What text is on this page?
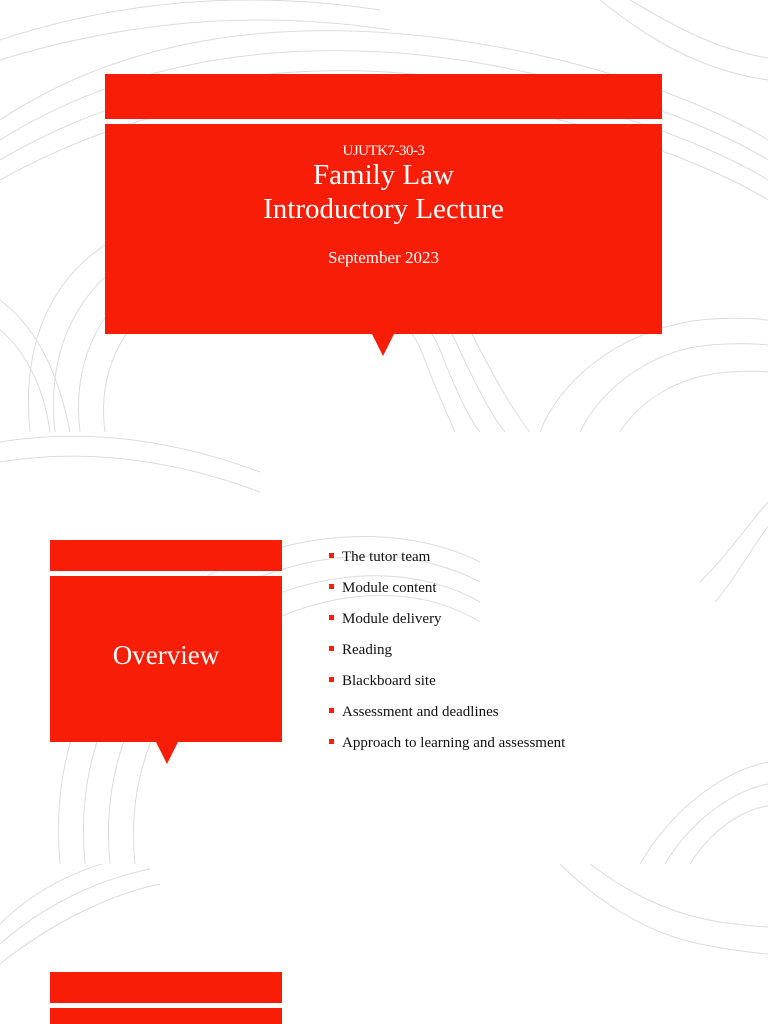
UJUTK7-30-3
Family Law
Introductory Lecture
September 2023
Overview
The tutor team
Module content
Module delivery
Reading
Blackboard site
Assessment and deadlines
Approach to learning and assessment
